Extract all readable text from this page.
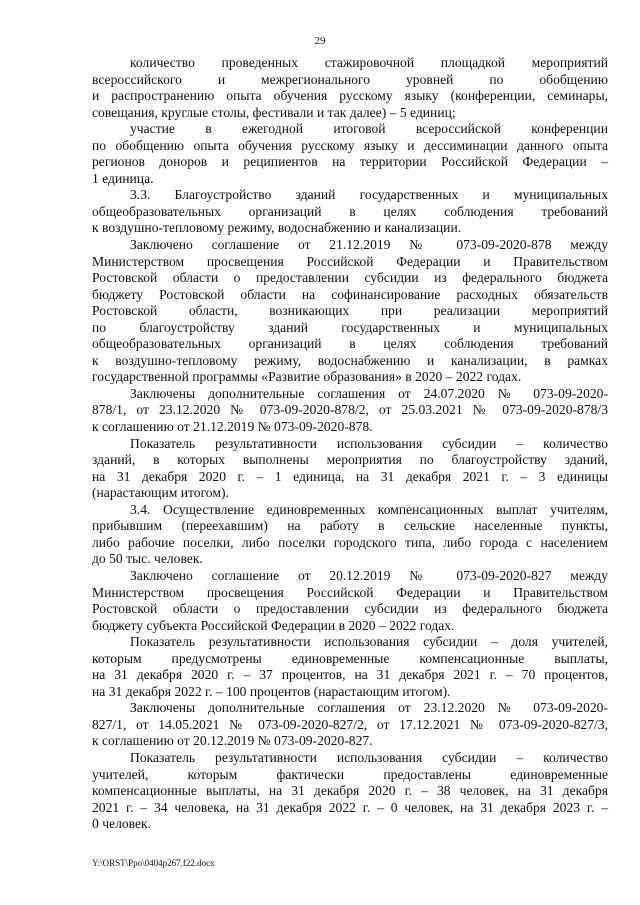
29
количество проведенных стажировочной площадкой мероприятий
всероссийского и межрегионального уровней по обобщению
и распространению опыта обучения русскому языку (конференции, семинары,
совещания, круглые столы, фестивали и так далее) – 5 единиц;
участие в ежегодной итоговой всероссийской конференции
по обобщению опыта обучения русскому языку и дессиминации данного опыта
регионов доноров и реципиентов на территории Российской Федерации –
1 единица.
3.3. Благоустройство зданий государственных и муниципальных
общеобразовательных организаций в целях соблюдения требований
к воздушно-тепловому режиму, водоснабжению и канализации.
Заключено соглашение от 21.12.2019 № 073-09-2020-878 между
Министерством просвещения Российской Федерации и Правительством
Ростовской области о предоставлении субсидии из федерального бюджета
бюджету Ростовской области на софинансирование расходных обязательств
Ростовской области, возникающих при реализации мероприятий
по благоустройству зданий государственных и муниципальных
общеобразовательных организаций в целях соблюдения требований
к воздушно-тепловому режиму, водоснабжению и канализации, в рамках
государственной программы «Развитие образования» в 2020 – 2022 годах.
Заключены дополнительные соглашения от 24.07.2020 № 073-09-2020-
878/1, от 23.12.2020 № 073-09-2020-878/2, от 25.03.2021 № 073-09-2020-878/3
к соглашению от 21.12.2019 № 073-09-2020-878.
Показатель результативности использования субсидии – количество
зданий, в которых выполнены мероприятия по благоустройству зданий,
на 31 декабря 2020 г. – 1 единица, на 31 декабря 2021 г. – 3 единицы
(нарастающим итогом).
3.4. Осуществление единовременных компенсационных выплат учителям,
прибывшим (переехавшим) на работу в сельские населенные пункты,
либо рабочие поселки, либо поселки городского типа, либо города с населением
до 50 тыс. человек.
Заключено соглашение от 20.12.2019 № 073-09-2020-827 между
Министерством просвещения Российской Федерации и Правительством
Ростовской области о предоставлении субсидии из федерального бюджета
бюджету субъекта Российской Федерации в 2020 – 2022 годах.
Показатель результативности использования субсидии – доля учителей,
которым предусмотрены единовременные компенсационные выплаты,
на 31 декабря 2020 г. – 37 процентов, на 31 декабря 2021 г. – 70 процентов,
на 31 декабря 2022 г. – 100 процентов (нарастающим итогом).
Заключены дополнительные соглашения от 23.12.2020 № 073-09-2020-
827/1, от 14.05.2021 № 073-09-2020-827/2, от 17.12.2021 № 073-09-2020-827/3,
к соглашению от 20.12.2019 № 073-09-2020-827.
Показатель результативности использования субсидии – количество
учителей, которым фактически предоставлены единовременные
компенсационные выплаты, на 31 декабря 2020 г. – 38 человек, на 31 декабря
2021 г. – 34 человека, на 31 декабря 2022 г. – 0 человек, на 31 декабря 2023 г. –
0 человек.
Y:\ORST\Ppo\0404p267.f22.docx
